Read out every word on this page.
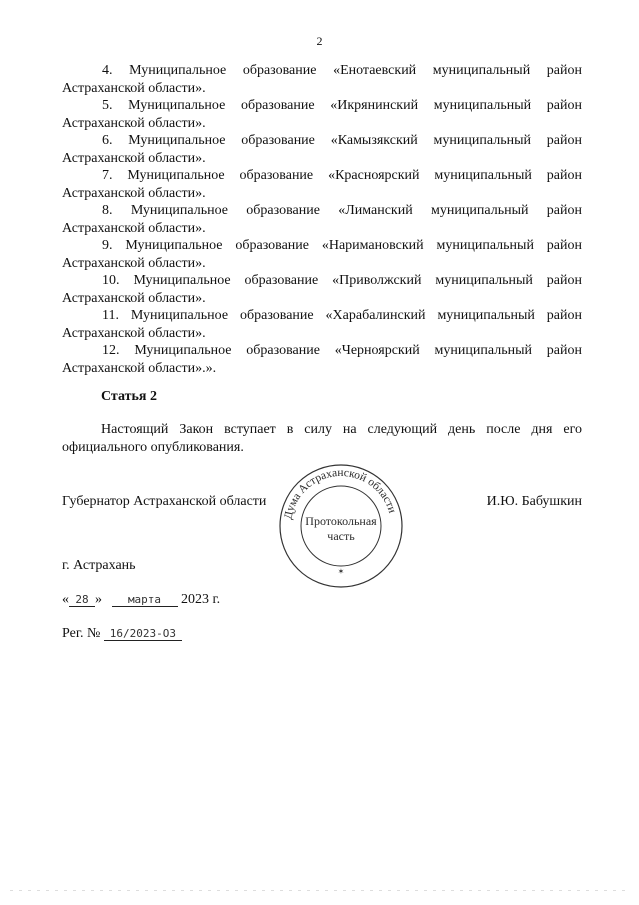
2

4. Муниципальное образование «Енотаевский муниципальный район Астраханской области».

5. Муниципальное образование «Икрянинский муниципальный район Астраханской области».

6. Муниципальное образование «Камызякский муниципальный район Астраханской области».

7. Муниципальное образование «Красноярский муниципальный район Астраханской области».

8. Муниципальное образование «Лиманский муниципальный район Астраханской области».

9. Муниципальное образование «Наримановский муниципальный район Астраханской области».

10. Муниципальное образование «Приволжский муниципальный район Астраханской области».

11. Муниципальное образование «Харабалинский муниципальный район Астраханской области».

12. Муниципальное образование «Черноярский муниципальный район Астраханской области».».

Статья 2

Настоящий Закон вступает в силу на следующий день после дня его официального опубликования.

Губернатор Астраханской области	И.Ю. Бабушкин
Дума Астраханской области
Протокольная
часть
✶
г. Астрахань
« 28 » марта 2023 г.
Рег. № 16/2023-ОЗ
